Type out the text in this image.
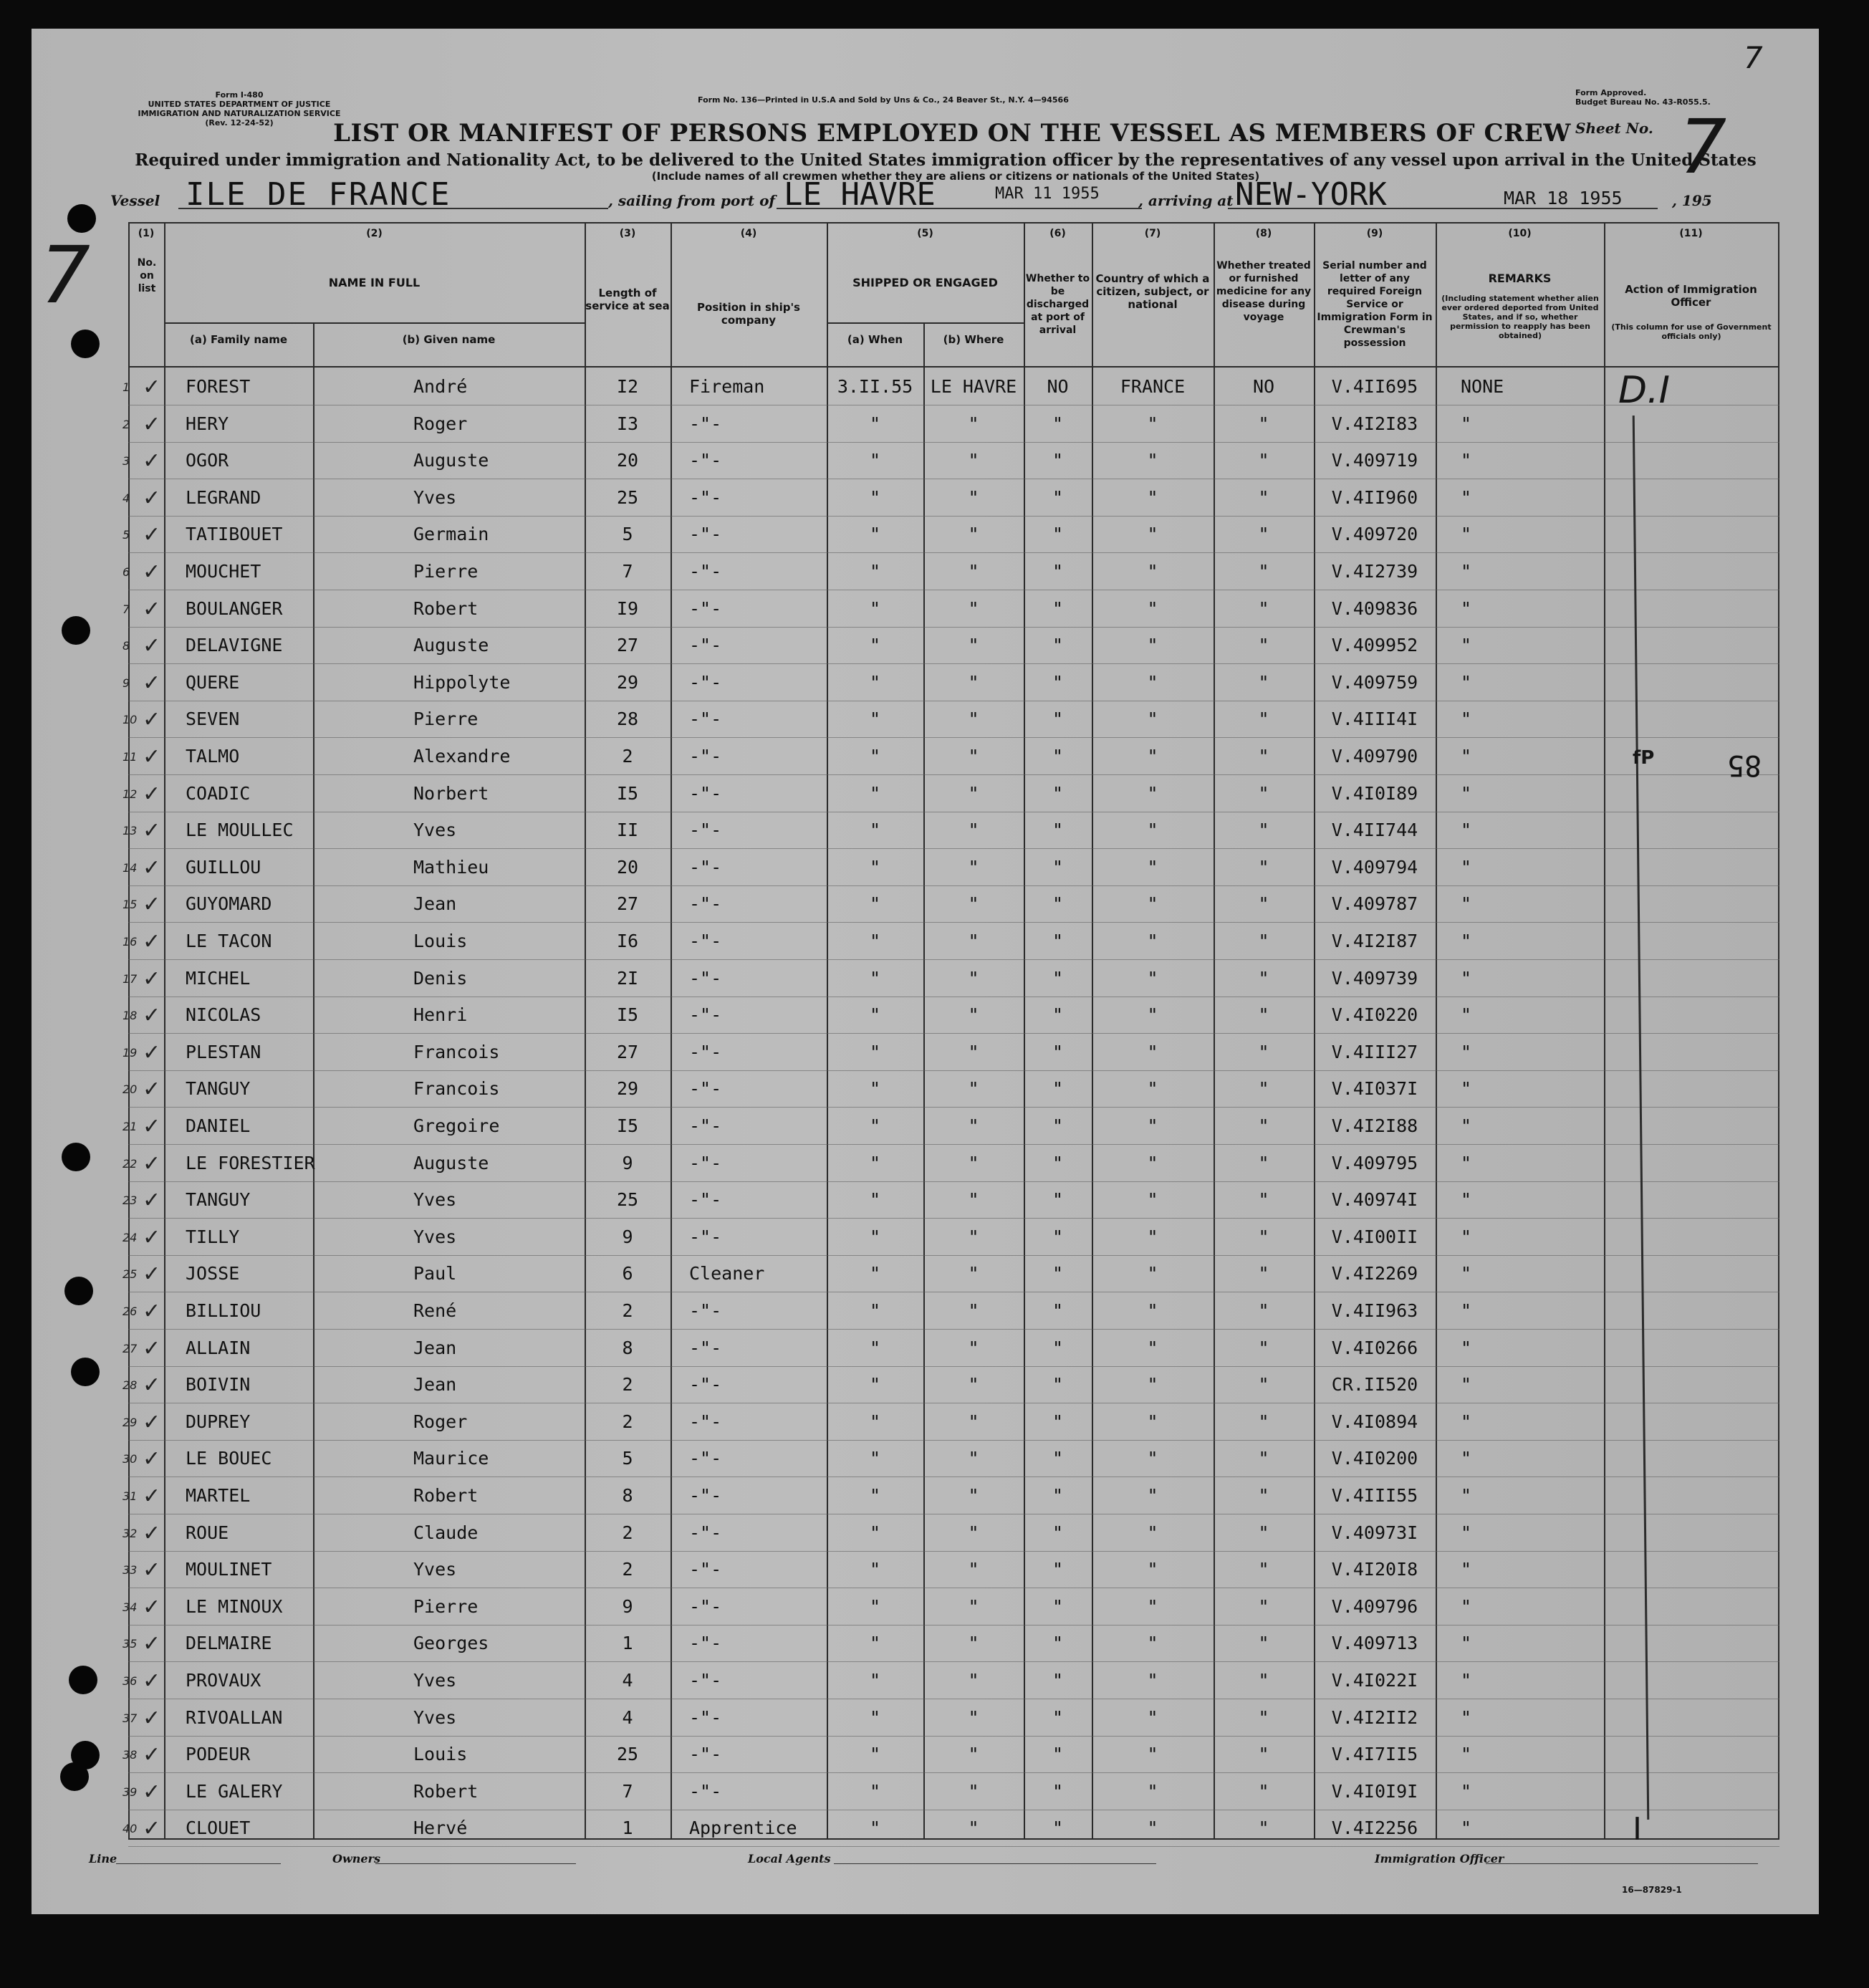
Form I-480
UNITED STATES DEPARTMENT OF JUSTICE
IMMIGRATION AND NATURALIZATION SERVICE
(Rev. 12-24-52)
Form No. 136—Printed in U.S.A and Sold by Uns & Co., 24 Beaver St., N.Y. 4—94566
Form Approved.
Budget Bureau No. 43-R055.5.
7
LIST OR MANIFEST OF PERSONS EMPLOYED ON THE VESSEL AS MEMBERS OF CREW
Required under immigration and Nationality Act, to be delivered to the United States immigration officer by the representatives of any vessel upon arrival in the United States
(Include names of all crewmen whether they are aliens or citizens or nationals of the United States)
Sheet No. 7
Vessel ILE DE FRANCE	, sailing from port of LE HAVRE	MAR 11 1955	, arriving at NEW-YORK	MAR 18 1955	, 195
7	(1)	(2)	(3)	(4)	(5)	(6)	(7)	(8)	(9)	(10)	(11)
No. on list	NAME IN FULL
(a) Family name	(b) Given name
Length of service at sea	Position in ship's company
SHIPPED OR ENGAGED
(a) When	(b) Where
Whether to be discharged at port of arrival
Country of which a citizen, subject, or national
Whether treated or furnished medicine for any disease during voyage
Serial number and letter of any required Foreign Service or Immigration Form in Crewman's possession
REMARKS
(Including statement whether alien ever ordered deported from United States, and if so, whether permission to reapply has been obtained)
Action of Immigration Officer
(This column for use of Government officials only)
1 ✓ FOREST	André	I2	Fireman	3.II.55 LE HAVRE	NO	FRANCE	NO	V.4II695	NONE
2 ✓ HERY	Roger	I3	-"-	"	"	"	"	"	V.4I2I83	"
3 ✓ OGOR	Auguste	20	-"-	"	"	"	"	"	V.409719	"
4 ✓ LEGRAND	Yves	25	-"-	"	"	"	"	"	V.4II960	"
5 ✓ TATIBOUET	Germain	5	-"-	"	"	"	"	"	V.409720	"
6 ✓ MOUCHET	Pierre	7	-"-	"	"	"	"	"	V.4I2739	"
7 ✓ BOULANGER	Robert	I9	-"-	"	"	"	"	"	V.409836	"
8 ✓ DELAVIGNE	Auguste	27	-"-	"	"	"	"	"	V.409952	"
9 ✓ QUERE	Hippolyte	29	-"-	"	"	"	"	"	V.409759	"
10 ✓ SEVEN	Pierre	28	-"-	"	"	"	"	"	V.4III4I	"
11 ✓ TALMO	Alexandre	2	-"-	"	"	"	"	"	V.409790	"
12 ✓ COADIC	Norbert	I5	-"-	"	"	"	"	"	V.4I0I89	"
13 ✓ LE MOULLEC	Yves	II	-"-	"	"	"	"	"	V.4II744	"
14 ✓ GUILLOU	Mathieu	20	-"-	"	"	"	"	"	V.409794	"
15 ✓ GUYOMARD	Jean	27	-"-	"	"	"	"	"	V.409787	"
16 ✓ LE TACON	Louis	I6	-"-	"	"	"	"	"	V.4I2I87	"
17 ✓ MICHEL	Denis	2I	-"-	"	"	"	"	"	V.409739	"
18 ✓ NICOLAS	Henri	I5	-"-	"	"	"	"	"	V.4I0220	"
19 ✓ PLESTAN	Francois	27	-"-	"	"	"	"	"	V.4III27	"
20 ✓ TANGUY	Francois	29	-"-	"	"	"	"	"	V.4I037I	"
21 ✓ DANIEL	Gregoire	I5	-"-	"	"	"	"	"	V.4I2I88	"
22 ✓ LE FORESTIER	Auguste	9	-"-	"	"	"	"	"	V.409795	"
23 ✓ TANGUY	Yves	25	-"-	"	"	"	"	"	V.40974I	"
24 ✓ TILLY	Yves	9	-"-	"	"	"	"	"	V.4I00II	"
25 ✓ JOSSE	Paul	6	Cleaner	"	"	"	"	"	V.4I2269	"
26 ✓ BILLIOU	René	2	-"-	"	"	"	"	"	V.4II963	"
27 ✓ ALLAIN	Jean	8	-"-	"	"	"	"	"	V.4I0266	"
28 ✓ BOIVIN	Jean	2	-"-	"	"	"	"	"	CR.II520	"
29 ✓ DUPREY	Roger	2	-"-	"	"	"	"	"	V.4I0894	"
30 ✓ LE BOUEC	Maurice	5	-"-	"	"	"	"	"	V.4I0200	"
31 ✓ MARTEL	Robert	8	-"-	"	"	"	"	"	V.4III55	"
32 ✓ ROUE	Claude	2	-"-	"	"	"	"	"	V.40973I	"
33 ✓ MOULINET	Yves	2	-"-	"	"	"	"	"	V.4I20I8	"
34 ✓ LE MINOUX	Pierre	9	-"-	"	"	"	"	"	V.409796	"
35 ✓ DELMAIRE	Georges	1	-"-	"	"	"	"	"	V.409713	"
36 ✓ PROVAUX	Yves	4	-"-	"	"	"	"	"	V.4I022I	"
37 ✓ RIVOALLAN	Yves	4	-"-	"	"	"	"	"	V.4I2II2	"
38 ✓ PODEUR	Louis	25	-"-	"	"	"	"	"	V.4I7II5	"
39 ✓ LE GALERY	Robert	7	-"-	"	"	"	"	"	V.4I0I9I	"
40 ✓ CLOUET	Hervé	1	Apprentice	"	"	"	"	"	V.4I2256	"
D.I
I
fP	85
Line	Owners	Local Agents	Immigration Officer
16—87829-1
